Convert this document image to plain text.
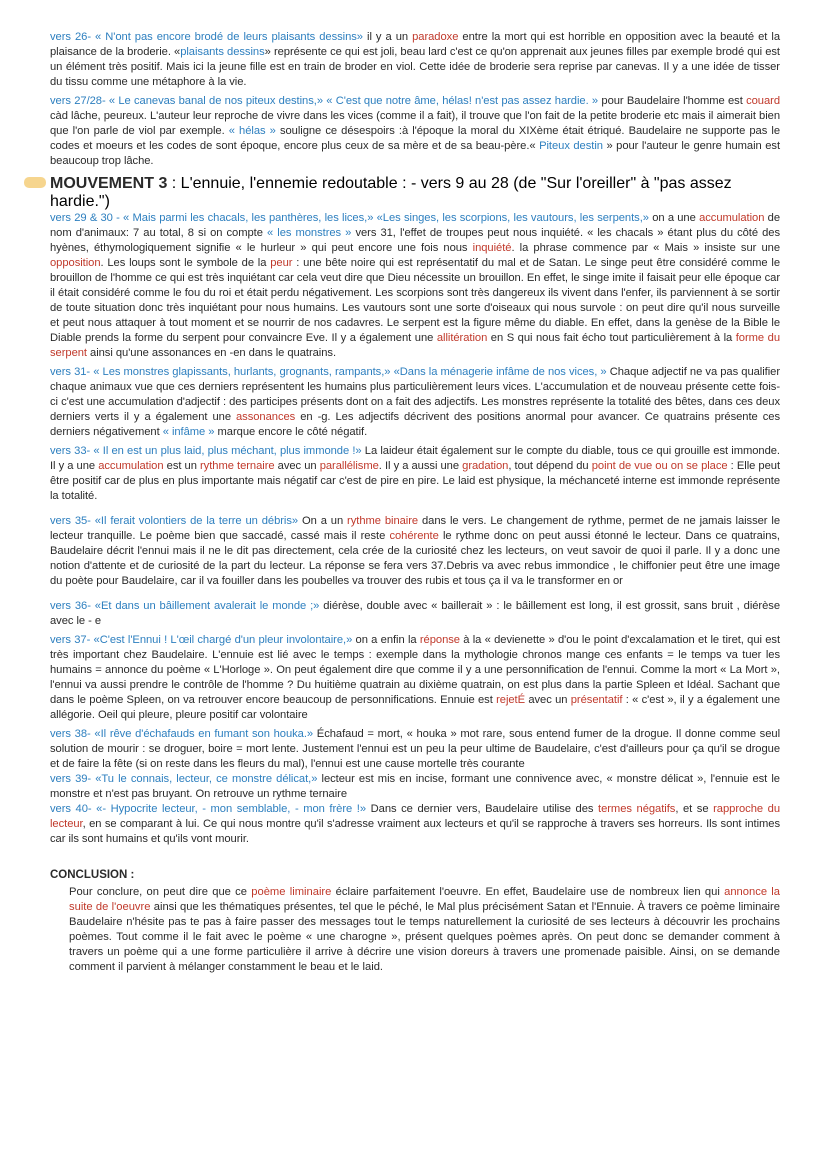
vers 26- « N'ont pas encore brodé de leurs plaisants dessins» il y a un paradoxe entre la mort qui est horrible en opposition avec la beauté et la plaisance de la broderie. «plaisants dessins» représente ce qui est joli, beau lard c'est ce qu'on apprenait aux jeunes filles par exemple brodé qui est un élément très positif. Mais ici la jeune fille est en train de broder en viol. Cette idée de broderie sera reprise par canevas. Il y a une idée de tisser du tissu comme une métaphore à la vie.

vers 27/28- « Le canevas banal de nos piteux destins,» « C'est que notre âme, hélas! n'est pas assez hardie. » pour Baudelaire l'homme est couard càd lâche, peureux. L'auteur leur reproche de vivre dans les vices (comme il a fait), il trouve que l'on fait de la petite broderie etc mais il aimerait bien que l'on parle de viol par exemple. « hélas » souligne ce désespoirs :à l'époque la moral du XIXème était étriqué. Baudelaire ne supporte pas le codes et moeurs et les codes de sont époque, encore plus ceux de sa mère et de sa beau-père.« Piteux destin » pour l'auteur le genre humain est beaucoup trop lâche.

MOUVEMENT 3 : L'ennuie, l'ennemie redoutable : - vers 9 au 28 (de "Sur l'oreiller" à "pas assez hardie.")

vers 29 & 30 - « Mais parmi les chacals, les panthères, les lices,» «Les singes, les scorpions, les vautours, les serpents,» on a une accumulation de nom d'animaux: 7 au total, 8 si on compte « les monstres » vers 31, l'effet de troupes peut nous inquiété. « les chacals » étant plus du côté des hyènes, éthymologiquement signifie « le hurleur » qui peut encore une fois nous inquiété. la phrase commence par « Mais » insiste sur une opposition. Les loups sont le symbole de la peur : une bête noire qui est représentatif du mal et de Satan. Le singe peut être considéré comme le brouillon de l'homme ce qui est très inquiétant car cela veut dire que Dieu nécessite un brouillon. En effet, le singe imite il faisait peur elle époque car il était considéré comme le fou du roi et était perdu négativement. Les scorpions sont très dangereux ils vivent dans l'enfer, ils parviennent à se sortir de toute situation donc très inquiétant pour nous humains. Les vautours sont une sorte d'oiseaux qui nous survole : on peut dire qu'il nous surveille et peut nous attaquer à tout moment et se nourrir de nos cadavres. Le serpent est la figure même du diable. En effet, dans la genèse de la Bible le Diable prends la forme du serpent pour convaincre Eve. Il y a également une allitération en S qui nous fait écho tout particulièrement à la forme du serpent ainsi qu'une assonances en -en dans le quatrains.

vers 31- « Les monstres glapissants, hurlants, grognants, rampants,» «Dans la ménagerie infâme de nos vices, » Chaque adjectif ne va pas qualifier chaque animaux vue que ces derniers représentent les humains plus particulièrement leurs vices. L'accumulation et de nouveau présente cette fois-ci c'est une accumulation d'adjectif : des participes présents dont on a fait des adjectifs. Les monstres représente la totalité des bêtes, dans ces deux derniers verts il y a également une assonances en -g. Les adjectifs décrivent des positions anormal pour avancer. Ce quatrains présente ces derniers négativement « infâme » marque encore le côté négatif.

vers 33- « Il en est un plus laid, plus méchant, plus immonde !» La laideur était également sur le compte du diable, tous ce qui grouille est immonde. Il y a une accumulation est un rythme ternaire avec un parallélisme. Il y a aussi une gradation, tout dépend du point de vue ou on se place : Elle peut être positif car de plus en plus importante mais négatif car c'est de pire en pire. Le laid est physique, la méchanceté interne est immonde représente la totalité.

vers 35- «Il ferait volontiers de la terre un débris» On a un rythme binaire dans le vers. Le changement de rythme, permet de ne jamais laisser le lecteur tranquille. Le poème bien que saccadé, cassé mais il reste cohérente le rythme donc on peut aussi étonné le lecteur. Dans ce quatrains, Baudelaire décrit l'ennui mais il ne le dit pas directement, cela crée de la curiosité chez les lecteurs, on veut savoir de quoi il parle. Il y a donc une notion d'attente et de curiosité de la part du lecteur. La réponse se fera vers 37.Debris va avec rebus immondice , le chiffonier peut être une image du poète pour Baudelaire, car il va fouiller dans les poubelles va trouver des rubis et tous ça il va le transformer en or

vers 36- «Et dans un bâillement avalerait le monde ;» diérèse, double avec « baillerait » : le bâillement est long, il est grossit, sans bruit , diérèse avec le - e

vers 37- «C'est l'Ennui ! L'œil chargé d'un pleur involontaire,» on a enfin la réponse à la « devienette » d'ou le point d'excalamation et le tiret, qui est très important chez Baudelaire. L'ennuie est lié avec le temps : exemple dans la mythologie chronos mange ces enfants = le temps va tuer les humains = annonce du poème « L'Horloge ». On peut également dire que comme il y a une personnification de l'ennui. Comme la mort « La Mort », l'ennui va aussi prendre le contrôle de l'homme ? Du huitième quatrain au dixième quatrain, on est plus dans la partie Spleen et Idéal. Sachant que dans le poème Spleen, on va retrouver encore beaucoup de personnifications. Ennuie est rejetÉ avec un présentatif : « c'est », il y a également une allégorie. Oeil qui pleure, pleure positif car volontaire

vers 38- «Il rêve d'échafauds en fumant son houka.» Échafaud = mort, « houka » mot rare, sous entend fumer de la drogue. Il donne comme seul solution de mourir : se droguer, boire = mort lente. Justement l'ennui est un peu la peur ultime de Baudelaire, c'est d'ailleurs pour ça qu'il se drogue et de faire la fête (si on reste dans les fleurs du mal), l'ennui est une cause mortelle très courante

vers 39- «Tu le connais, lecteur, ce monstre délicat,» lecteur est mis en incise, formant une connivence avec, « monstre délicat », l'ennuie est le monstre et n'est pas bruyant. On retrouve un rythme ternaire

vers 40- «- Hypocrite lecteur, - mon semblable, - mon frère !» Dans ce dernier vers, Baudelaire utilise des termes négatifs, et se rapproche du lecteur, en se comparant à lui. Ce qui nous montre qu'il s'adresse vraiment aux lecteurs et qu'il se rapproche à travers ses horreurs. Ils sont intimes car ils sont humains et qu'ils vont mourir.

CONCLUSION :
Pour conclure, on peut dire que ce poème liminaire éclaire parfaitement l'oeuvre. En effet, Baudelaire use de nombreux lien qui annonce la suite de l'oeuvre ainsi que les thématiques présentes, tel que le péché, le Mal plus précisément Satan et l'Ennuie. À travers ce poème liminaire Baudelaire n'hésite pas te pas à faire passer des messages tout le temps naturellement la curiosité de ses lecteurs à découvrir les prochains poèmes. Tout comme il le fait avec le poème « une charogne », présent quelques poèmes après. On peut donc se demander comment à travers un poème qui a une forme particulière il arrive à décrire une vision doreurs à travers une promenade paisible. Ainsi, on se demande comment il parvient à mélanger constamment le beau et le laid.
